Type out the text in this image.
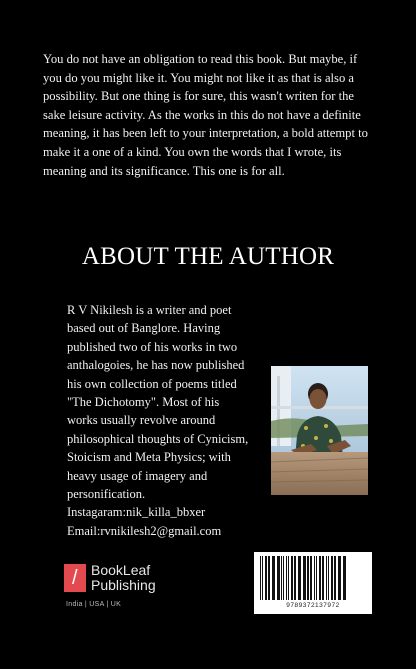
You do not have an obligation to read this book. But maybe, if you do you might like it. You might not like it as that is also a possibility. But one thing is for sure, this wasn't writen for the sake leisure activity. As the works in this do not have a definite meaning, it has been left to your interpretation, a bold attempt to make it a one of a kind. You own the words that I wrote, its meaning and its significance. This one is for all.

ABOUT THE AUTHOR

R V Nikilesh is a writer and poet
based out of Banglore. Having
published two of his works in two
anthalogoies, he has now published
his own collection of poems titled
"The Dichotomy". Most of his
works usually revolve around
philosophical thoughts of Cynicism,
Stoicism and Meta Physics; with
heavy usage of imagery and
personification.
Instagaram:nik_killa_bbxer
Email:rvnikilesh2@gmail.com

/ BookLeaf
Publishing
India | USA | UK	9789372137972
